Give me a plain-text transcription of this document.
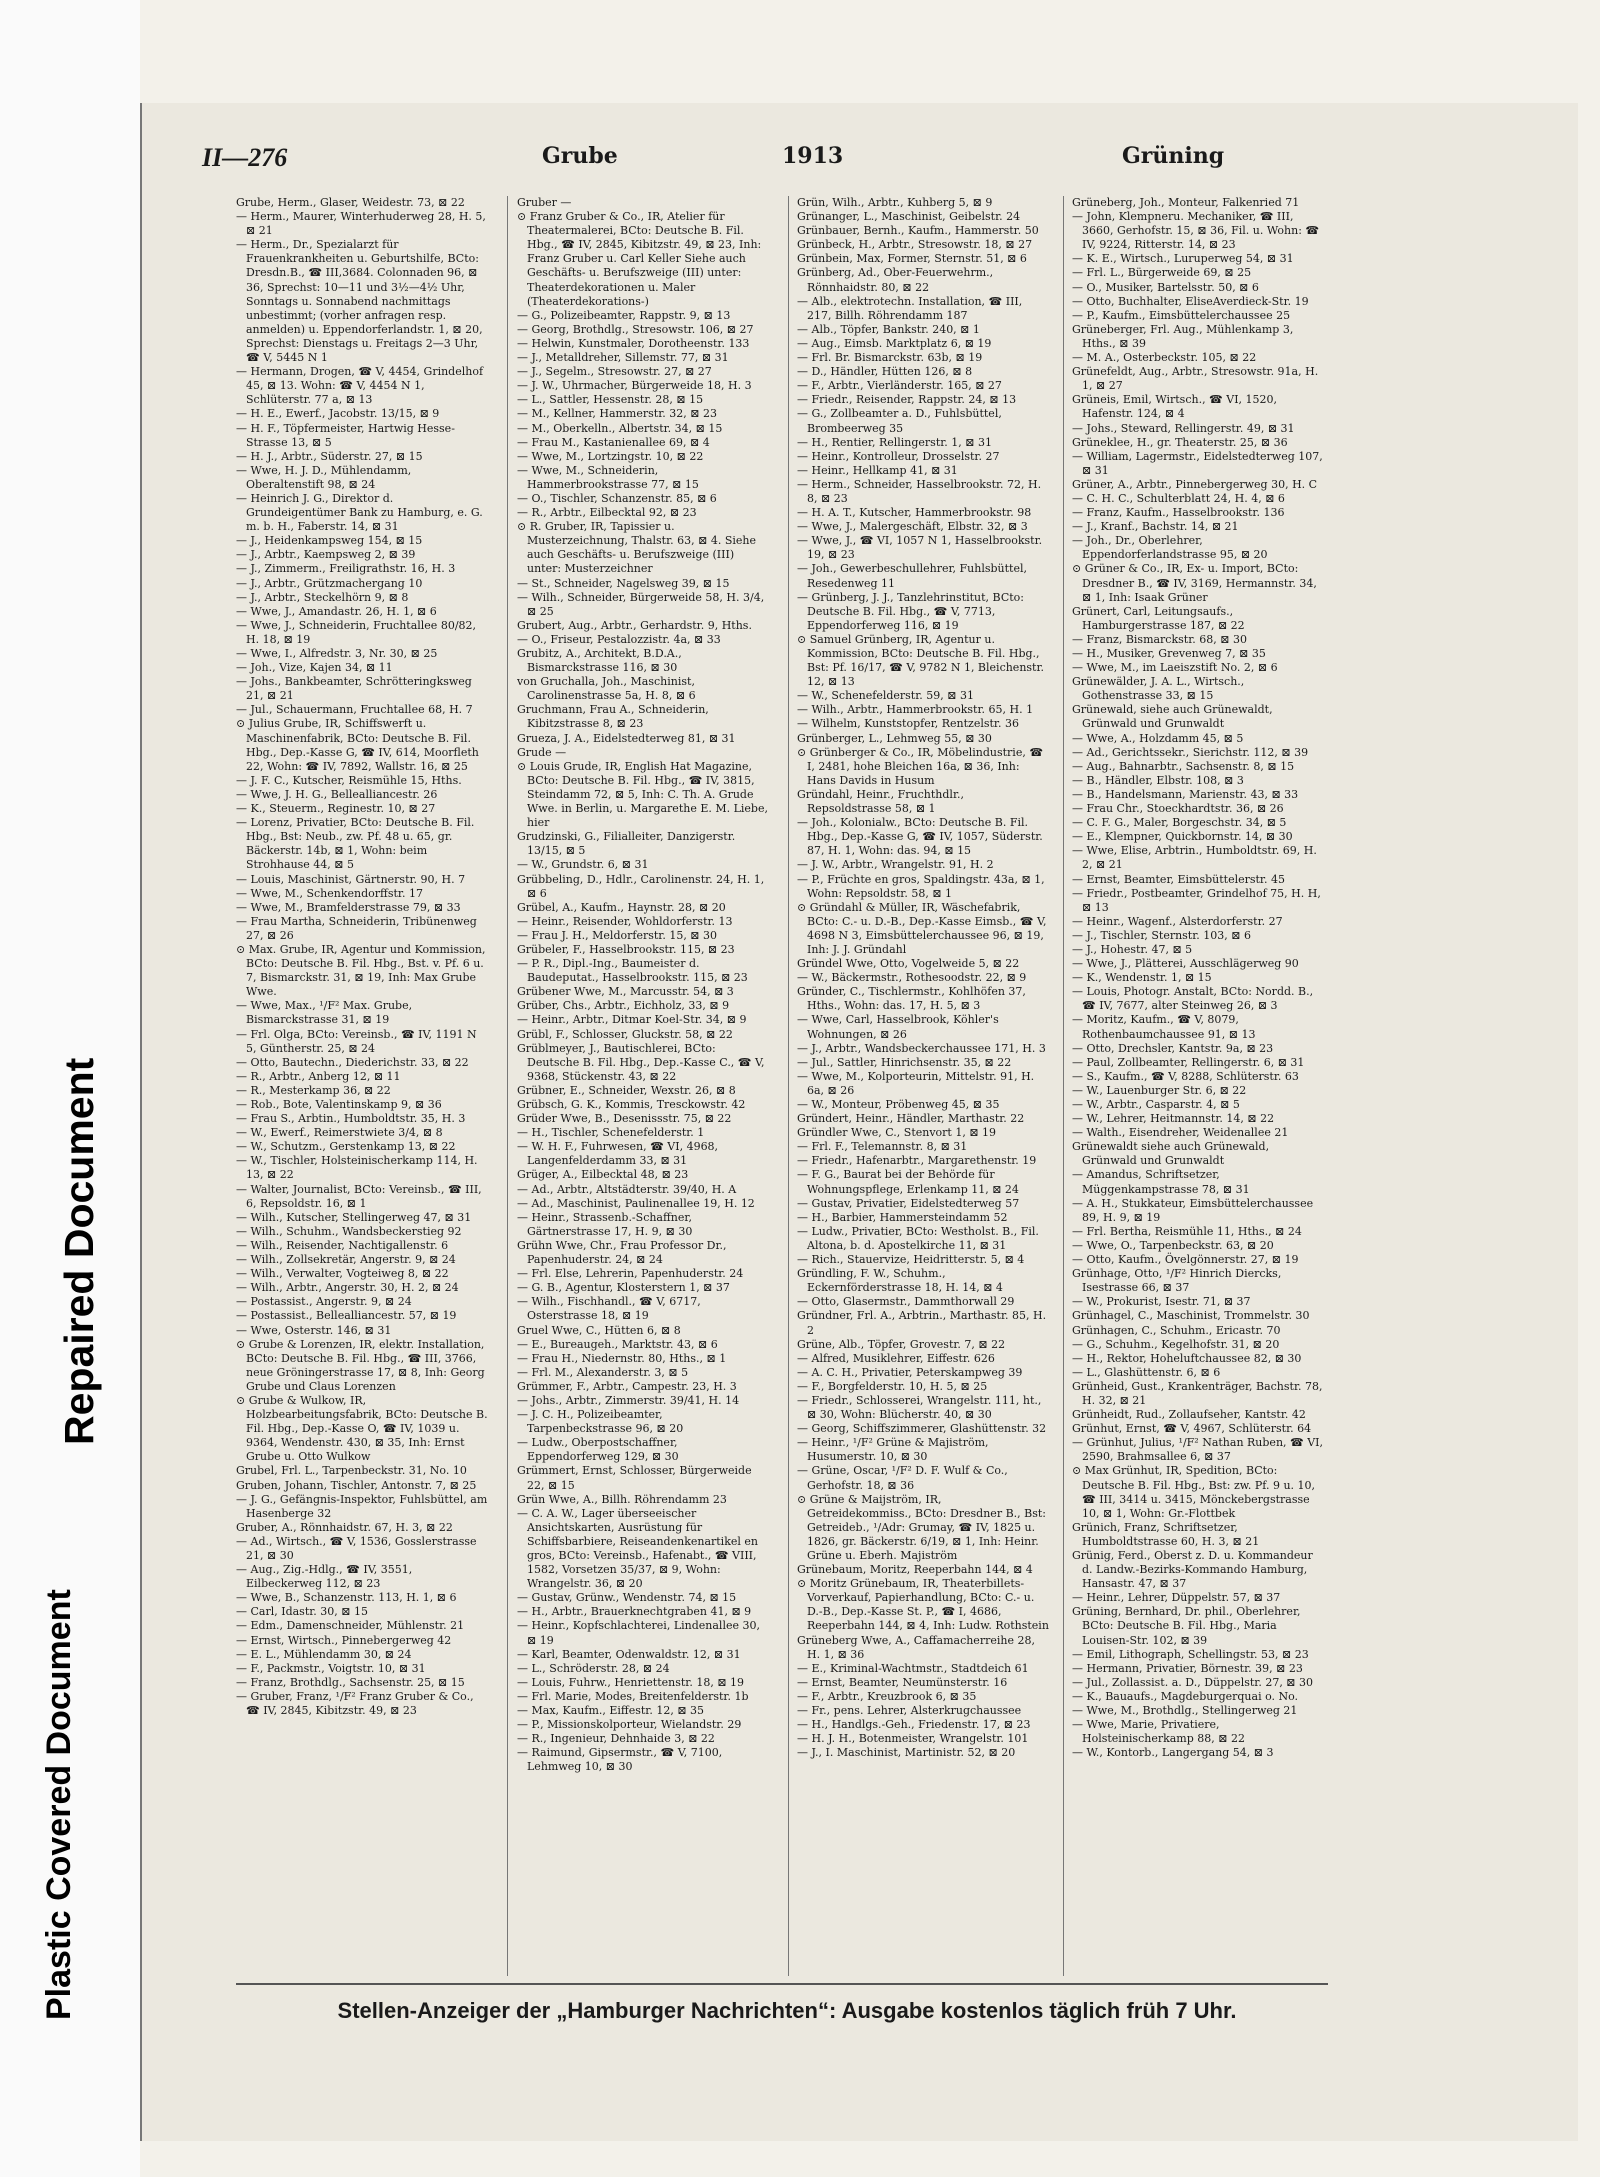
Plastic Covered Document
Repaired Document
II—276	Grube	1913	Grüning

Grube, Herm., Glaser, Weidestr. 73, ⊠ 22

— Herm., Maurer, Winterhuderweg 28, H. 5, ⊠ 21

— Herm., Dr., Spezialarzt für Frauenkrankheiten u. Geburtshilfe, BCto: Dresdn.B., ☎ III,3684. Colonnaden 96, ⊠ 36, Sprechst: 10—11 und 3½—4½ Uhr, Sonntags u. Sonnabend nachmittags unbestimmt; (vorher anfragen resp. anmelden) u. Eppendorferlandstr. 1, ⊠ 20, Sprechst: Dienstags u. Freitags 2—3 Uhr, ☎ V, 5445 N 1

— Hermann, Drogen, ☎ V, 4454, Grindelhof 45, ⊠ 13. Wohn: ☎ V, 4454 N 1, Schlüterstr. 77 a, ⊠ 13

— H. E., Ewerf., Jacobstr. 13/15, ⊠ 9

— H. F., Töpfermeister, Hartwig Hesse-Strasse 13, ⊠ 5

— H. J., Arbtr., Süderstr. 27, ⊠ 15

— Wwe, H. J. D., Mühlendamm, Oberaltenstift 98, ⊠ 24

— Heinrich J. G., Direktor d. Grundeigentümer Bank zu Hamburg, e. G. m. b. H., Faberstr. 14, ⊠ 31

— J., Heidenkampsweg 154, ⊠ 15

— J., Arbtr., Kaempsweg 2, ⊠ 39

— J., Zimmerm., Freiligrathstr. 16, H. 3

— J., Arbtr., Grützmachergang 10

— J., Arbtr., Steckelhörn 9, ⊠ 8

— Wwe, J., Amandastr. 26, H. 1, ⊠ 6

— Wwe, J., Schneiderin, Fruchtallee 80/82, H. 18, ⊠ 19

— Wwe, I., Alfredstr. 3, Nr. 30, ⊠ 25

— Joh., Vize, Kajen 34, ⊠ 11

— Johs., Bankbeamter, Schrötteringksweg 21, ⊠ 21

— Jul., Schauermann, Fruchtallee 68, H. 7

⊙ Julius Grube, IR, Schiffswerft u. Maschinenfabrik, BCto: Deutsche B. Fil. Hbg., Dep.-Kasse G, ☎ IV, 614, Moorfleth 22, Wohn: ☎ IV, 7892, Wallstr. 16, ⊠ 25

— J. F. C., Kutscher, Reismühle 15, Hths.

— Wwe, J. H. G., Belleallianсestr. 26

— K., Steuerm., Reginestr. 10, ⊠ 27

— Lorenz, Privatier, BCto: Deutsche B. Fil. Hbg., Bst: Neub., zw. Pf. 48 u. 65, gr. Bäckerstr. 14b, ⊠ 1, Wohn: beim Strohhause 44, ⊠ 5

— Louis, Maschinist, Gärtnerstr. 90, H. 7

— Wwe, M., Schenkendorffstr. 17

— Wwe, M., Bramfelderstrasse 79, ⊠ 33

— Frau Martha, Schneiderin, Tribünenweg 27, ⊠ 26

⊙ Max. Grube, IR, Agentur und Kommission, BCto: Deutsche B. Fil. Hbg., Bst. v. Pf. 6 u. 7, Bismarckstr. 31, ⊠ 19, Inh: Max Grube Wwe.

— Wwe, Max., ¹/F² Max. Grube, Bismarckstrasse 31, ⊠ 19

— Frl. Olga, BCto: Vereinsb., ☎ IV, 1191 N 5, Güntherstr. 25, ⊠ 24

— Otto, Bautechn., Diederichstr. 33, ⊠ 22

— R., Arbtr., Anberg 12, ⊠ 11

— R., Mesterkamp 36, ⊠ 22

— Rob., Bote, Valentinskamp 9, ⊠ 36

— Frau S., Arbtin., Humboldtstr. 35, H. 3

— W., Ewerf., Reimerstwiete 3/4, ⊠ 8

— W., Schutzm., Gerstenkamp 13, ⊠ 22

— W., Tischler, Holsteinischerkamp 114, H. 13, ⊠ 22

— Walter, Journalist, BCto: Vereinsb., ☎ III, 6, Repsoldstr. 16, ⊠ 1

— Wilh., Kutscher, Stellingerweg 47, ⊠ 31

— Wilh., Schuhm., Wandsbeckerstieg 92

— Wilh., Reisender, Nachtigallenstr. 6

— Wilh., Zollsekretär, Angerstr. 9, ⊠ 24

— Wilh., Verwalter, Vogteiweg 8, ⊠ 22

— Wilh., Arbtr., Angerstr. 30, H. 2, ⊠ 24

— Postassist., Angerstr. 9, ⊠ 24

— Postassist., Belleallianсestr. 57, ⊠ 19

— Wwe, Osterstr. 146, ⊠ 31

⊙ Grube & Lorenzen, IR, elektr. Installation, BCto: Deutsche B. Fil. Hbg., ☎ III, 3766, neue Gröningerstrasse 17, ⊠ 8, Inh: Georg Grube und Claus Lorenzen

⊙ Grube & Wulkow, IR, Holzbearbeitungsfabrik, BCto: Deutsche B. Fil. Hbg., Dep.-Kasse O, ☎ IV, 1039 u. 9364, Wendenstr. 430, ⊠ 35, Inh: Ernst Grube u. Otto Wulkow

Grubel, Frl. L., Tarpenbeckstr. 31, No. 10

Gruben, Johann, Tischler, Antonstr. 7, ⊠ 25

— J. G., Gefängnis-Inspektor, Fuhlsbüttel, am Hasenberge 32

Gruber, A., Rönnhaidstr. 67, H. 3, ⊠ 22

— Ad., Wirtsch., ☎ V, 1536, Gosslerstrasse 21, ⊠ 30

— Aug., Zig.-Hdlg., ☎ IV, 3551, Eilbeckerweg 112, ⊠ 23

— Wwe, B., Schanzenstr. 113, H. 1, ⊠ 6

— Carl, Idastr. 30, ⊠ 15

— Edm., Damenschneider, Mühlenstr. 21

— Ernst, Wirtsch., Pinnebergerweg 42

— E. L., Mühlendamm 30, ⊠ 24

— F., Packmstr., Voigtstr. 10, ⊠ 31

— Franz, Brothdlg., Sachsenstr. 25, ⊠ 15

— Gruber, Franz, ¹/F² Franz Gruber & Co., ☎ IV, 2845, Kibitzstr. 49, ⊠ 23

Gruber —

⊙ Franz Gruber & Co., IR, Atelier für Theatermalerei, BCto: Deutsche B. Fil. Hbg., ☎ IV, 2845, Kibitzstr. 49, ⊠ 23, Inh: Franz Gruber u. Carl Keller Siehe auch Geschäfts- u. Berufszweige (III) unter: Theaterdekorationen u. Maler (Theaterdekorations-)

— G., Polizeibeamter, Rappstr. 9, ⊠ 13

— Georg, Brothdlg., Stresowstr. 106, ⊠ 27

— Helwin, Kunstmaler, Dorotheenstr. 133

— J., Metalldreher, Sillemstr. 77, ⊠ 31

— J., Segelm., Stresowstr. 27, ⊠ 27

— J. W., Uhrmacher, Bürgerweide 18, H. 3

— L., Sattler, Hessenstr. 28, ⊠ 15

— M., Kellner, Hammerstr. 32, ⊠ 23

— M., Oberkelln., Albertstr. 34, ⊠ 15

— Frau M., Kastanienallee 69, ⊠ 4

— Wwe, M., Lortzingstr. 10, ⊠ 22

— Wwe, M., Schneiderin, Hammerbrookstrasse 77, ⊠ 15

— O., Tischler, Schanzenstr. 85, ⊠ 6

— R., Arbtr., Eilbecktal 92, ⊠ 23

⊙ R. Gruber, IR, Tapissier u. Musterzeichnung, Thalstr. 63, ⊠ 4. Siehe auch Geschäfts- u. Berufszweige (III) unter: Musterzeichner

— St., Schneider, Nagelsweg 39, ⊠ 15

— Wilh., Schneider, Bürgerweide 58, H. 3/4, ⊠ 25

Grubert, Aug., Arbtr., Gerhardstr. 9, Hths.

— O., Friseur, Pestalozzistr. 4a, ⊠ 33

Grubitz, A., Architekt, B.D.A., Bismarckstrasse 116, ⊠ 30

von Gruchalla, Joh., Maschinist, Carolinenstrasse 5a, H. 8, ⊠ 6

Gruchmann, Frau A., Schneiderin, Kibitzstrasse 8, ⊠ 23

Grueza, J. A., Eidelstedterweg 81, ⊠ 31

Grude —

⊙ Louis Grude, IR, English Hat Magazine, BCto: Deutsche B. Fil. Hbg., ☎ IV, 3815, Steindamm 72, ⊠ 5, Inh: C. Th. A. Grude Wwe. in Berlin, u. Margarethe E. M. Liebe, hier

Grudzinski, G., Filialleiter, Danzigerstr. 13/15, ⊠ 5

— W., Grundstr. 6, ⊠ 31

Grübbeling, D., Hdlr., Carolinenstr. 24, H. 1, ⊠ 6

Grübel, A., Kaufm., Haynstr. 28, ⊠ 20

— Heinr., Reisender, Wohldorferstr. 13

— Frau J. H., Meldorferstr. 15, ⊠ 30

Grübeler, F., Hasselbrookstr. 115, ⊠ 23

— P. R., Dipl.-Ing., Baumeister d. Baudeputat., Hasselbrookstr. 115, ⊠ 23

Grübener Wwe, M., Marcusstr. 54, ⊠ 3

Grüber, Chs., Arbtr., Eichholz, 33, ⊠ 9

— Heinr., Arbtr., Ditmar Koel-Str. 34, ⊠ 9

Grübl, F., Schlosser, Gluckstr. 58, ⊠ 22

Grüblmeyer, J., Bautischlerei, BCto: Deutsche B. Fil. Hbg., Dep.-Kasse C., ☎ V, 9368, Stückenstr. 43, ⊠ 22

Grübner, E., Schneider, Wexstr. 26, ⊠ 8

Grübsch, G. K., Kommis, Tresckowstr. 42

Grüder Wwe, B., Desenissstr. 75, ⊠ 22

— H., Tischler, Schenefelderstr. 1

— W. H. F., Fuhrwesen, ☎ VI, 4968, Langenfelderdamm 33, ⊠ 31

Grüger, A., Eilbecktal 48, ⊠ 23

— Ad., Arbtr., Altstädterstr. 39/40, H. A

— Ad., Maschinist, Paulinenallee 19, H. 12

— Heinr., Strassenb.-Schaffner, Gärtnerstrasse 17, H. 9, ⊠ 30

Grühn Wwe, Chr., Frau Professor Dr., Papenhuderstr. 24, ⊠ 24

— Frl. Else, Lehrerin, Papenhuderstr. 24

— G. B., Agentur, Klosterstern 1, ⊠ 37

— Wilh., Fischhandl., ☎ V, 6717, Osterstrasse 18, ⊠ 19

Gruel Wwe, C., Hütten 6, ⊠ 8

— E., Bureaugeh., Marktstr. 43, ⊠ 6

— Frau H., Niedernstr. 80, Hths., ⊠ 1

— Frl. M., Alexanderstr. 3, ⊠ 5

Grümmer, F., Arbtr., Campestr. 23, H. 3

— Johs., Arbtr., Zimmerstr. 39/41, H. 14

— J. C. H., Polizeibeamter, Tarpenbeckstrasse 96, ⊠ 20

— Ludw., Oberpostschaffner, Eppendorferweg 129, ⊠ 30

Grümmert, Ernst, Schlosser, Bürgerweide 22, ⊠ 15

Grün Wwe, A., Billh. Röhrendamm 23

— C. A. W., Lager überseeischer Ansichtskarten, Ausrüstung für Schiffsbarbiere, Reiseandenkenartikel en gros, BCto: Vereinsb., Hafenabt., ☎ VIII, 1582, Vorsetzen 35/37, ⊠ 9, Wohn: Wrangelstr. 36, ⊠ 20

— Gustav, Grünw., Wendenstr. 74, ⊠ 15

— H., Arbtr., Brauerknechtgraben 41, ⊠ 9

— Heinr., Kopfschlachterei, Lindenallee 30, ⊠ 19

— Karl, Beamter, Odenwaldstr. 12, ⊠ 31

— L., Schröderstr. 28, ⊠ 24

— Louis, Fuhrw., Henriettenstr. 18, ⊠ 19

— Frl. Marie, Modes, Breitenfelderstr. 1b

— Max, Kaufm., Eiffestr. 12, ⊠ 35

— P., Missionskolporteur, Wielandstr. 29

— R., Ingenieur, Dehnhaide 3, ⊠ 22

— Raimund, Gipsermstr., ☎ V, 7100, Lehmweg 10, ⊠ 30

Grün, Wilh., Arbtr., Kuhberg 5, ⊠ 9

Grünanger, L., Maschinist, Geibelstr. 24

Grünbauer, Bernh., Kaufm., Hammerstr. 50

Grünbeck, H., Arbtr., Stresowstr. 18, ⊠ 27

Grünbein, Max, Former, Sternstr. 51, ⊠ 6

Grünberg, Ad., Ober-Feuerwehrm., Rönnhaidstr. 80, ⊠ 22

— Alb., elektrotechn. Installation, ☎ III, 217, Billh. Röhrendamm 187

— Alb., Töpfer, Bankstr. 240, ⊠ 1

— Aug., Eimsb. Marktplatz 6, ⊠ 19

— Frl. Br. Bismarckstr. 63b, ⊠ 19

— D., Händler, Hütten 126, ⊠ 8

— F., Arbtr., Vierländerstr. 165, ⊠ 27

— Friedr., Reisender, Rappstr. 24, ⊠ 13

— G., Zollbeamter a. D., Fuhlsbüttel, Brombeerweg 35

— H., Rentier, Rellingerstr. 1, ⊠ 31

— Heinr., Kontrolleur, Drosselstr. 27

— Heinr., Hellkamp 41, ⊠ 31

— Herm., Schneider, Hasselbrookstr. 72, H. 8, ⊠ 23

— H. A. T., Kutscher, Hammerbrookstr. 98

— Wwe, J., Malergeschäft, Elbstr. 32, ⊠ 3

— Wwe, J., ☎ VI, 1057 N 1, Hasselbrookstr. 19, ⊠ 23

— Joh., Gewerbeschullehrer, Fuhlsbüttel, Resedenweg 11

— Grünberg, J. J., Tanzlehrinstitut, BCto: Deutsche B. Fil. Hbg., ☎ V, 7713, Eppendorferweg 116, ⊠ 19

⊙ Samuel Grünberg, IR, Agentur u. Kommission, BCto: Deutsche B. Fil. Hbg., Bst: Pf. 16/17, ☎ V, 9782 N 1, Bleichenstr. 12, ⊠ 13

— W., Schenefelderstr. 59, ⊠ 31

— Wilh., Arbtr., Hammerbrookstr. 65, H. 1

— Wilhelm, Kunststopfer, Rentzelstr. 36

Grünberger, L., Lehmweg 55, ⊠ 30

⊙ Grünberger & Co., IR, Möbelindustrie, ☎ I, 2481, hohe Bleichen 16a, ⊠ 36, Inh: Hans Davids in Husum

Gründahl, Heinr., Fruchthdlr., Repsoldstrasse 58, ⊠ 1

— Joh., Kolonialw., BCto: Deutsche B. Fil. Hbg., Dep.-Kasse G, ☎ IV, 1057, Süderstr. 87, H. 1, Wohn: das. 94, ⊠ 15

— J. W., Arbtr., Wrangelstr. 91, H. 2

— P., Früchte en gros, Spaldingstr. 43a, ⊠ 1, Wohn: Repsoldstr. 58, ⊠ 1

⊙ Gründahl & Müller, IR, Wäschefabrik, BCto: C.- u. D.-B., Dep.-Kasse Eimsb., ☎ V, 4698 N 3, Eimsbüttelerchaussee 96, ⊠ 19, Inh: J. J. Gründahl

Gründel Wwe, Otto, Vogelweide 5, ⊠ 22

— W., Bäckermstr., Rothesoodstr. 22, ⊠ 9

Gründer, C., Tischlermstr., Kohlhöfen 37, Hths., Wohn: das. 17, H. 5, ⊠ 3

— Wwe, Carl, Hasselbrook, Köhler's Wohnungen, ⊠ 26

— J., Arbtr., Wandsbeckerchaussee 171, H. 3

— Jul., Sattler, Hinrichsenstr. 35, ⊠ 22

— Wwe, M., Kolporteurin, Mittelstr. 91, H. 6a, ⊠ 26

— W., Monteur, Pröbenweg 45, ⊠ 35

Gründert, Heinr., Händler, Marthastr. 22

Gründler Wwe, C., Stenvort 1, ⊠ 19

— Frl. F., Telemannstr. 8, ⊠ 31

— Friedr., Hafenarbtr., Margarethenstr. 19

— F. G., Baurat bei der Behörde für Wohnungspflege, Erlenkamp 11, ⊠ 24

— Gustav, Privatier, Eidelstedterweg 57

— H., Barbier, Hammersteindamm 52

— Ludw., Privatier, BCto: Westholst. B., Fil. Altona, b. d. Apostelkirche 11, ⊠ 31

— Rich., Stauervize, Heidritterstr. 5, ⊠ 4

Gründling, F. W., Schuhm., Eckernförderstrasse 18, H. 14, ⊠ 4

— Otto, Glasermstr., Dammthorwall 29

Gründner, Frl. A., Arbtrin., Marthastr. 85, H. 2

Grüne, Alb., Töpfer, Grovestr. 7, ⊠ 22

— Alfred, Musiklehrer, Eiffestr. 626

— A. C. H., Privatier, Peterskampweg 39

— F., Borgfelderstr. 10, H. 5, ⊠ 25

— Friedr., Schlosserei, Wrangelstr. 111, ht., ⊠ 30, Wohn: Blücherstr. 40, ⊠ 30

— Georg, Schiffszimmerer, Glashüttenstr. 32

— Heinr., ¹/F² Grüne & Majiström, Husumerstr. 10, ⊠ 30

— Grüne, Oscar, ¹/F² D. F. Wulf & Co., Gerhofstr. 18, ⊠ 36

⊙ Grüne & Maijström, IR, Getreidekommiss., BCto: Dresdner B., Bst: Getreideb., ¹/Adr: Grumay, ☎ IV, 1825 u. 1826, gr. Bäckerstr. 6/19, ⊠ 1, Inh: Heinr. Grüne u. Eberh. Majiström

Grünebaum, Moritz, Reeperbahn 144, ⊠ 4

⊙ Moritz Grünebaum, IR, Theaterbillets-Vorverkauf, Papierhandlung, BCto: C.- u. D.-B., Dep.-Kasse St. P., ☎ I, 4686, Reeperbahn 144, ⊠ 4, Inh: Ludw. Rothstein

Grüneberg Wwe, A., Caffamacherreihe 28, H. 1, ⊠ 36

— E., Kriminal-Wachtmstr., Stadtdeich 61

— Ernst, Beamter, Neumünsterstr. 16

— F., Arbtr., Kreuzbrook 6, ⊠ 35

— Fr., pens. Lehrer, Alsterkrugchaussee

— H., Handlgs.-Geh., Friedenstr. 17, ⊠ 23

— H. J. H., Botenmeister, Wrangelstr. 101

— J., I. Maschinist, Martinistr. 52, ⊠ 20

Grüneberg, Joh., Monteur, Falkenried 71

— John, Klempneru. Mechaniker, ☎ III, 3660, Gerhofstr. 15, ⊠ 36, Fil. u. Wohn: ☎ IV, 9224, Ritterstr. 14, ⊠ 23

— K. E., Wirtsch., Luruperweg 54, ⊠ 31

— Frl. L., Bürgerweide 69, ⊠ 25

— O., Musiker, Bartelsstr. 50, ⊠ 6

— Otto, Buchhalter, EliseAverdieck-Str. 19

— P., Kaufm., Eimsbüttelerchaussee 25

Grüneberger, Frl. Aug., Mühlenkamp 3, Hths., ⊠ 39

— M. A., Osterbeckstr. 105, ⊠ 22

Grünefeldt, Aug., Arbtr., Stresowstr. 91a, H. 1, ⊠ 27

Grüneis, Emil, Wirtsch., ☎ VI, 1520, Hafenstr. 124, ⊠ 4

— Johs., Steward, Rellingerstr. 49, ⊠ 31

Grüneklee, H., gr. Theaterstr. 25, ⊠ 36

— William, Lagermstr., Eidelstedterweg 107, ⊠ 31

Grüner, A., Arbtr., Pinnebergerweg 30, H. C

— C. H. C., Schulterblatt 24, H. 4, ⊠ 6

— Franz, Kaufm., Hasselbrookstr. 136

— J., Kranf., Bachstr. 14, ⊠ 21

— Joh., Dr., Oberlehrer, Eppendorferlandstrasse 95, ⊠ 20

⊙ Grüner & Co., IR, Ex- u. Import, BCto: Dresdner B., ☎ IV, 3169, Hermannstr. 34, ⊠ 1, Inh: Isaak Grüner

Grünert, Carl, Leitungsaufs., Hamburgerstrasse 187, ⊠ 22

— Franz, Bismarckstr. 68, ⊠ 30

— H., Musiker, Grevenweg 7, ⊠ 35

— Wwe, M., im Laeiszstift No. 2, ⊠ 6

Grünewälder, J. A. L., Wirtsch., Gothenstrasse 33, ⊠ 15

Grünewald, siehe auch Grünewaldt, Grünwald und Grunwaldt

— Wwe, A., Holzdamm 45, ⊠ 5

— Ad., Gerichtssekr., Sierichstr. 112, ⊠ 39

— Aug., Bahnarbtr., Sachsenstr. 8, ⊠ 15

— B., Händler, Elbstr. 108, ⊠ 3

— B., Handelsmann, Marienstr. 43, ⊠ 33

— Frau Chr., Stoeckhardtstr. 36, ⊠ 26

— C. F. G., Maler, Borgeschstr. 34, ⊠ 5

— E., Klempner, Quickbornstr. 14, ⊠ 30

— Wwe, Elise, Arbtrin., Humboldtstr. 69, H. 2, ⊠ 21

— Ernst, Beamter, Eimsbüttelerstr. 45

— Friedr., Postbeamter, Grindelhof 75, H. H, ⊠ 13

— Heinr., Wagenf., Alsterdorferstr. 27

— J., Tischler, Sternstr. 103, ⊠ 6

— J., Hohestr. 47, ⊠ 5

— Wwe, J., Plätterei, Ausschlägerweg 90

— K., Wendenstr. 1, ⊠ 15

— Louis, Photogr. Anstalt, BCto: Nordd. B., ☎ IV, 7677, alter Steinweg 26, ⊠ 3

— Moritz, Kaufm., ☎ V, 8079, Rothenbaumchaussee 91, ⊠ 13

— Otto, Drechsler, Kantstr. 9a, ⊠ 23

— Paul, Zollbeamter, Rellingerstr. 6, ⊠ 31

— S., Kaufm., ☎ V, 8288, Schlüterstr. 63

— W., Lauenburger Str. 6, ⊠ 22

— W., Arbtr., Casparstr. 4, ⊠ 5

— W., Lehrer, Heitmannstr. 14, ⊠ 22

— Walth., Eisendreher, Weidenallee 21

Grünewaldt siehe auch Grünewald, Grünwald und Grunwaldt

— Amandus, Schriftsetzer, Müggenkampstrasse 78, ⊠ 31

— A. H., Stukkateur, Eimsbüttelerchaussee 89, H. 9, ⊠ 19

— Frl. Bertha, Reismühle 11, Hths., ⊠ 24

— Wwe, O., Tarpenbeckstr. 63, ⊠ 20

— Otto, Kaufm., Övelgönnerstr. 27, ⊠ 19

Grünhage, Otto, ¹/F² Hinrich Diercks, Isestrasse 66, ⊠ 37

— W., Prokurist, Isestr. 71, ⊠ 37

Grünhagel, C., Maschinist, Trommelstr. 30

Grünhagen, C., Schuhm., Ericastr. 70

— G., Schuhm., Kegelhofstr. 31, ⊠ 20

— H., Rektor, Hoheluftchaussee 82, ⊠ 30

— L., Glashüttenstr. 6, ⊠ 6

Grünheid, Gust., Krankenträger, Bachstr. 78, H. 32, ⊠ 21

Grünheidt, Rud., Zollaufseher, Kantstr. 42

Grünhut, Ernst, ☎ V, 4967, Schlüterstr. 64

— Grünhut, Julius, ¹/F² Nathan Ruben, ☎ VI, 2590, Brahmsallee 6, ⊠ 37

⊙ Max Grünhut, IR, Spedition, BCto: Deutsche B. Fil. Hbg., Bst: zw. Pf. 9 u. 10, ☎ III, 3414 u. 3415, Mönckebergstrasse 10, ⊠ 1, Wohn: Gr.-Flottbek

Grünich, Franz, Schriftsetzer, Humboldtstrasse 60, H. 3, ⊠ 21

Grünig, Ferd., Oberst z. D. u. Kommandeur d. Landw.-Bezirks-Kommando Hamburg, Hansastr. 47, ⊠ 37

— Heinr., Lehrer, Düppelstr. 57, ⊠ 37

Grüning, Bernhard, Dr. phil., Oberlehrer, BCto: Deutsche B. Fil. Hbg., Maria Louisen-Str. 102, ⊠ 39

— Emil, Lithograph, Schellingstr. 53, ⊠ 23

— Hermann, Privatier, Börnestr. 39, ⊠ 23

— Jul., Zollassist. a. D., Düppelstr. 27, ⊠ 30

— K., Bauaufs., Magdeburgerquai o. No.

— Wwe, M., Brothdlg., Stellingerweg 21

— Wwe, Marie, Privatiere, Holsteinischerkamp 88, ⊠ 22

— W., Kontorb., Langergang 54, ⊠ 3

Stellen-Anzeiger der „Hamburger Nachrichten“: Ausgabe kostenlos täglich früh 7 Uhr.
